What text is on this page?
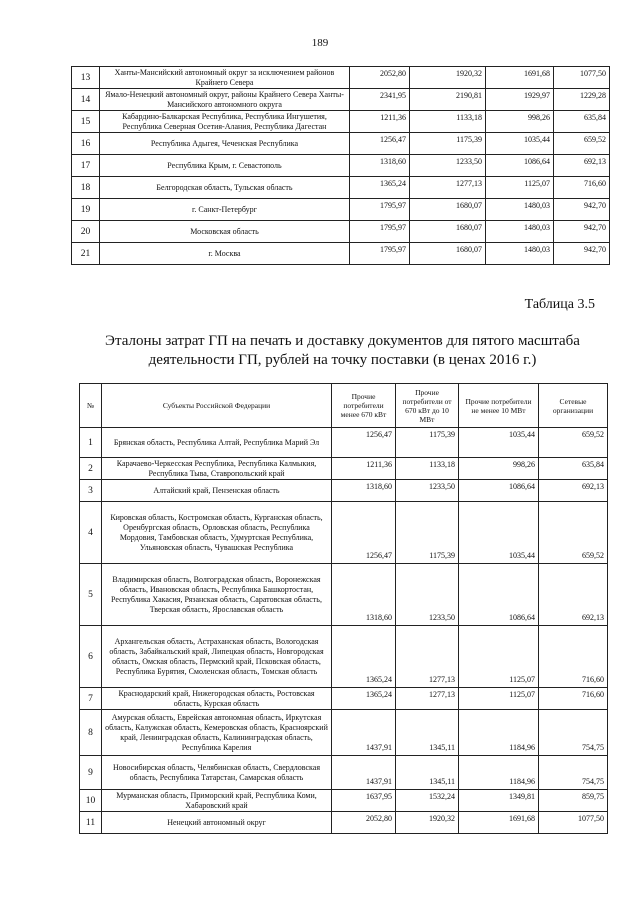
189
13	Ханты-Мансийский автономный округ за исключением районов Крайнего Севера	2052,80	1920,32	1691,68	1077,50
14	Ямало-Ненецкий автономный округ, районы Крайнего Севера Ханты-Мансийского автономного округа	2341,95	2190,81	1929,97	1229,28
15	Кабардино-Балкарская Республика, Республика Ингушетия, Республика Северная Осетия-Алания, Республика Дагестан	1211,36	1133,18	998,26	635,84
16	Республика Адыгея, Чеченская Республика	1256,47	1175,39	1035,44	659,52
17	Республика Крым, г. Севастополь	1318,60	1233,50	1086,64	692,13
18	Белгородская область, Тульская область	1365,24	1277,13	1125,07	716,60
19	г. Санкт-Петербург	1795,97	1680,07	1480,03	942,70
20	Московская область	1795,97	1680,07	1480,03	942,70
21	г. Москва	1795,97	1680,07	1480,03	942,70
Таблица 3.5
Эталоны затрат ГП на печать и доставку документов для пятого масштаба деятельности ГП, рублей на точку поставки (в ценах 2016 г.)
№	Субъекты Российской Федерации	Прочие потребители менее 670 кВт	Прочие потребители от 670 кВт до 10 МВт	Прочие потребители не менее 10 МВт	Сетевые организации
1	Брянская область, Республика Алтай, Республика Марий Эл	1256,47	1175,39	1035,44	659,52
2	Карачаево-Черкесская Республика, Республика Калмыкия, Республика Тыва, Ставропольский край	1211,36	1133,18	998,26	635,84
3	Алтайский край, Пензенская область	1318,60	1233,50	1086,64	692,13
4	Кировская область, Костромская область, Курганская область, Оренбургская область, Орловская область, Республика Мордовия, Тамбовская область, Удмуртская Республика, Ульяновская область, Чувашская Республика	1256,47	1175,39	1035,44	659,52
5	Владимирская область, Волгоградская область, Воронежская область, Ивановская область, Республика Башкортостан, Республика Хакасия, Рязанская область, Саратовская область, Тверская область, Ярославская область	1318,60	1233,50	1086,64	692,13
6	Архангельская область, Астраханская область, Вологодская область, Забайкальский край, Липецкая область, Новгородская область, Омская область, Пермский край, Псковская область, Республика Бурятия, Смоленская область, Томская область	1365,24	1277,13	1125,07	716,60
7	Краснодарский край, Нижегородская область, Ростовская область, Курская область	1365,24	1277,13	1125,07	716,60
8	Амурская область, Еврейская автономная область, Иркутская область, Калужская область, Кемеровская область, Красноярский край, Ленинградская область, Калининградская область, Республика Карелия	1437,91	1345,11	1184,96	754,75
9	Новосибирская область, Челябинская область, Свердловская область, Республика Татарстан, Самарская область	1437,91	1345,11	1184,96	754,75
10	Мурманская область, Приморский край, Республика Коми, Хабаровский край	1637,95	1532,24	1349,81	859,75
11	Ненецкий автономный округ	2052,80	1920,32	1691,68	1077,50
